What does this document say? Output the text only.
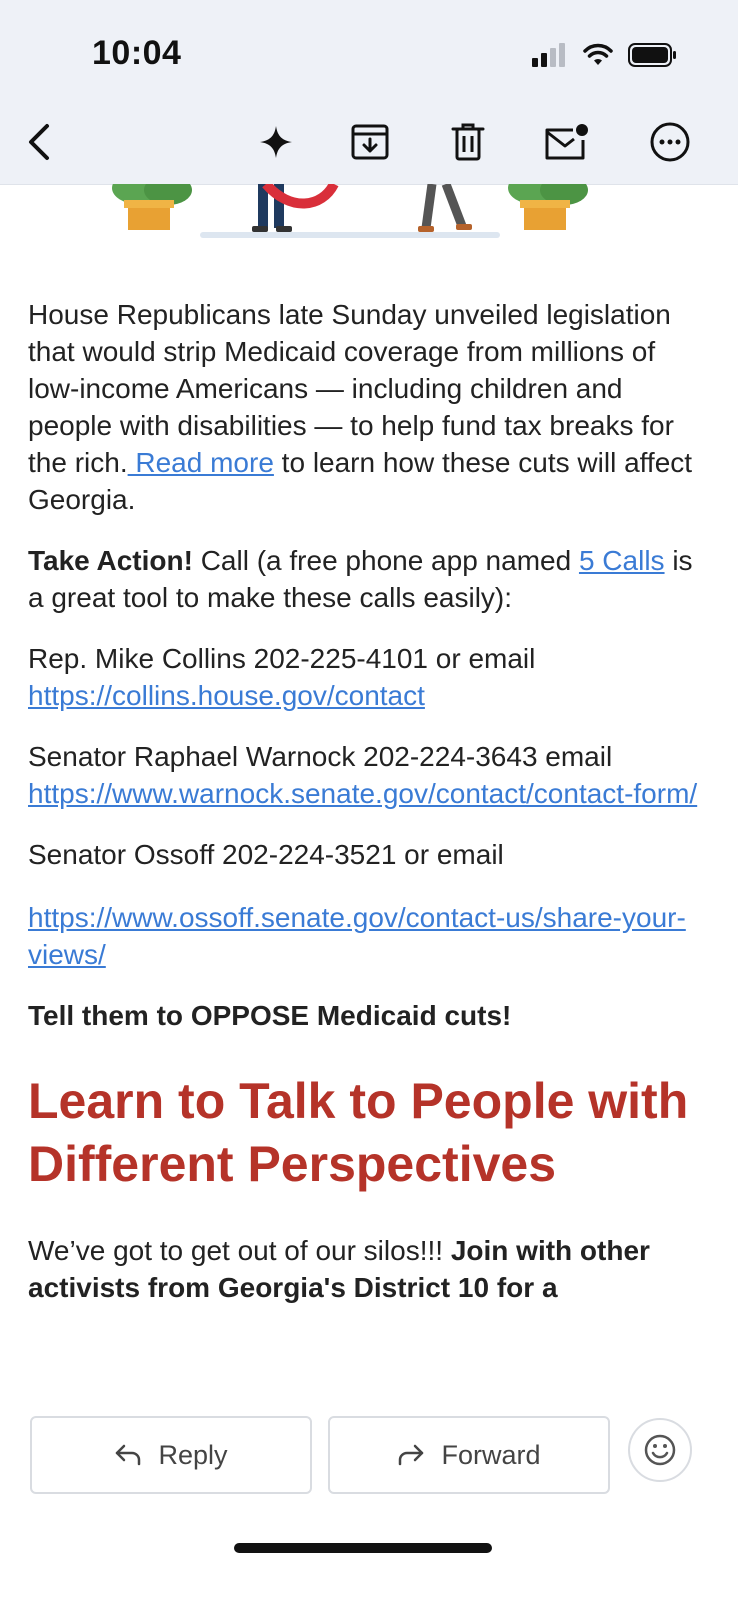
10:04

House Republicans late Sunday unveiled legislation that would strip Medicaid coverage from millions of low-income Americans — including children and people with disabilities — to help fund tax breaks for the rich. Read more to learn how these cuts will affect Georgia.

Take Action! Call (a free phone app named 5 Calls is a great tool to make these calls easily):

Rep. Mike Collins 202-225-4101 or email https://collins.house.gov/contact

Senator Raphael Warnock 202-224-3643 email https://www.warnock.senate.gov/contact/contact-form/

Senator Ossoff 202-224-3521 or email

https://www.ossoff.senate.gov/contact-us/share-your-views/

Tell them to OPPOSE Medicaid cuts!

Learn to Talk to People with Different Perspectives

We’ve got to get out of our silos!!! Join with other activists from Georgia's District 10 for a

Reply	Forward
